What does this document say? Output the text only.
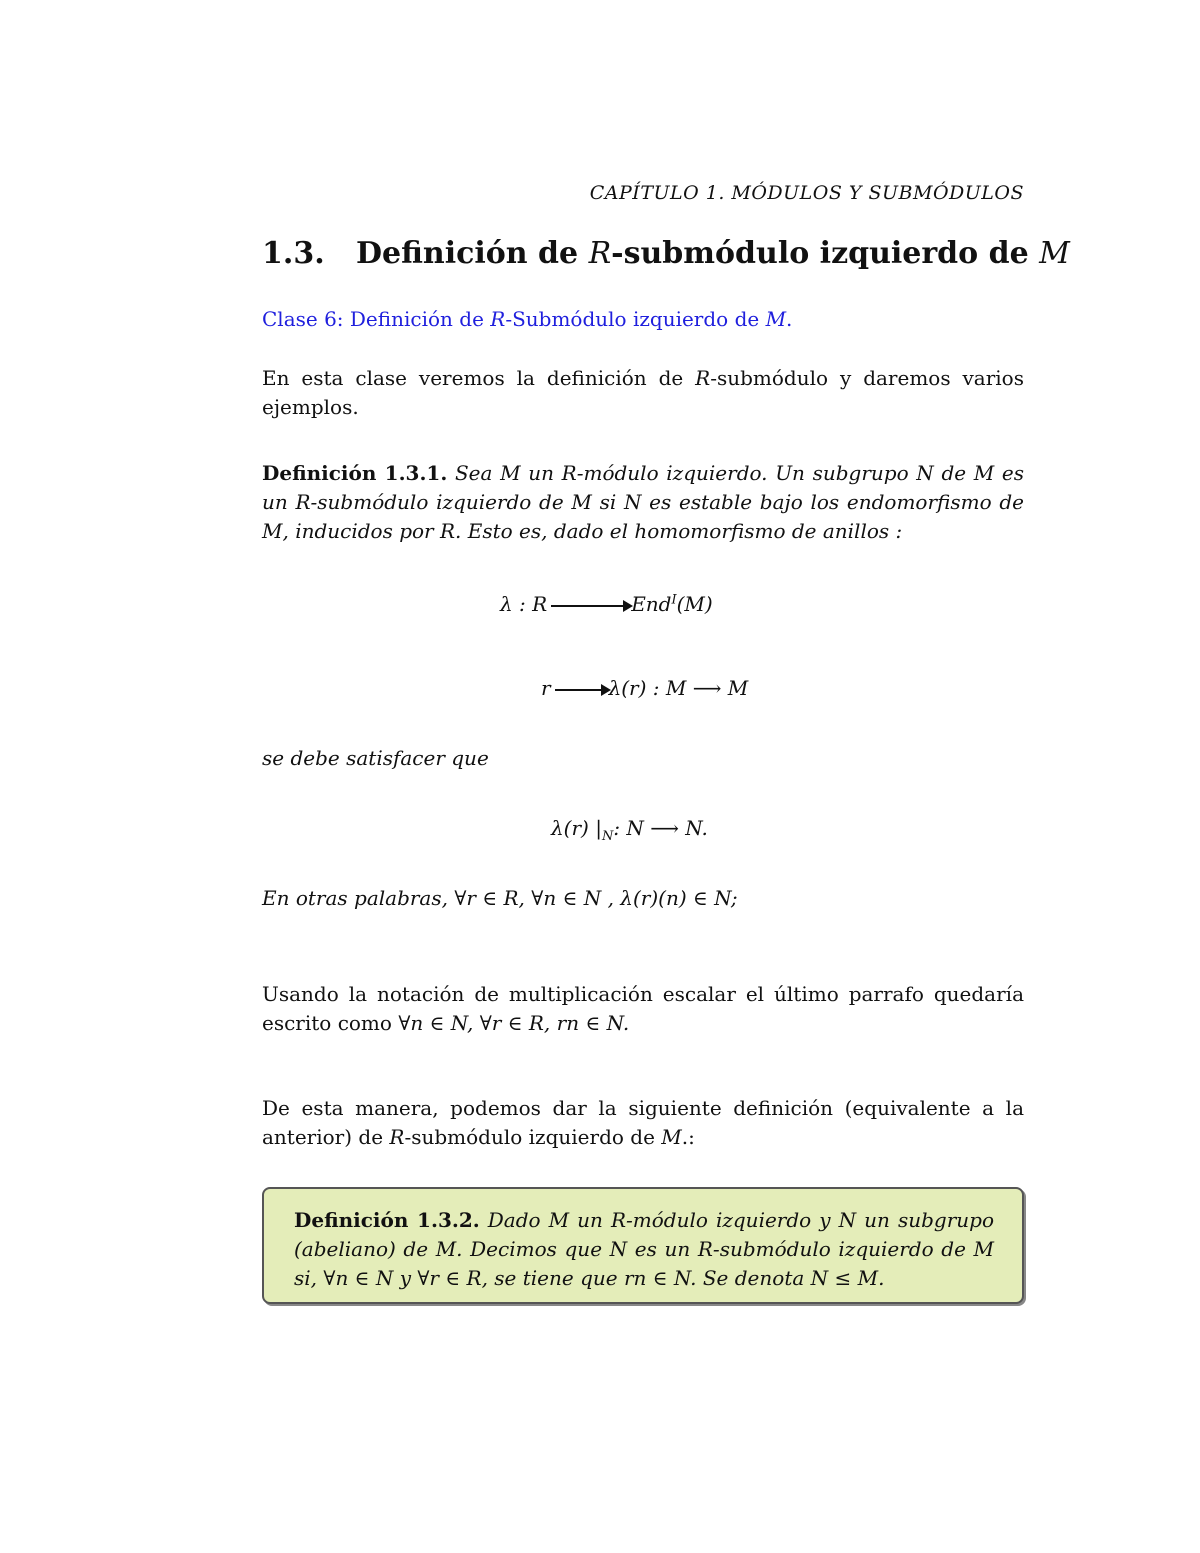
CAPÍTULO 1. MÓDULOS Y SUBMÓDULOS
1.3. Definición de R-submódulo izquierdo de M
Clase 6: Definición de R-Submódulo izquierdo de M.
En esta clase veremos la definición de R-submódulo y daremos varios ejemplos.
Definición 1.3.1. Sea M un R-módulo izquierdo. Un subgrupo N de M es un R-submódulo izquierdo de M si N es estable bajo los endomorfismo de M, inducidos por R. Esto es, dado el homomorfismo de anillos :
λ : R	End$^I$(M)
r	λ(r) : M ⟶ M
se debe satisfacer que
λ(r) $|_N$: N ⟶ N.
En otras palabras, ∀r ∈ R, ∀n ∈ N , λ(r)(n) ∈ N;
Usando la notación de multiplicación escalar el último parrafo quedaría escrito como ∀n ∈ N, ∀r ∈ R, rn ∈ N.
De esta manera, podemos dar la siguiente definición (equivalente a la anterior) de R-submódulo izquierdo de M.:
Definición 1.3.2. Dado M un R-módulo izquierdo y N un subgrupo (abeliano) de M. Decimos que N es un R-submódulo izquierdo de M si, ∀n ∈ N y ∀r ∈ R, se tiene que rn ∈ N. Se denota N ≤ M.
